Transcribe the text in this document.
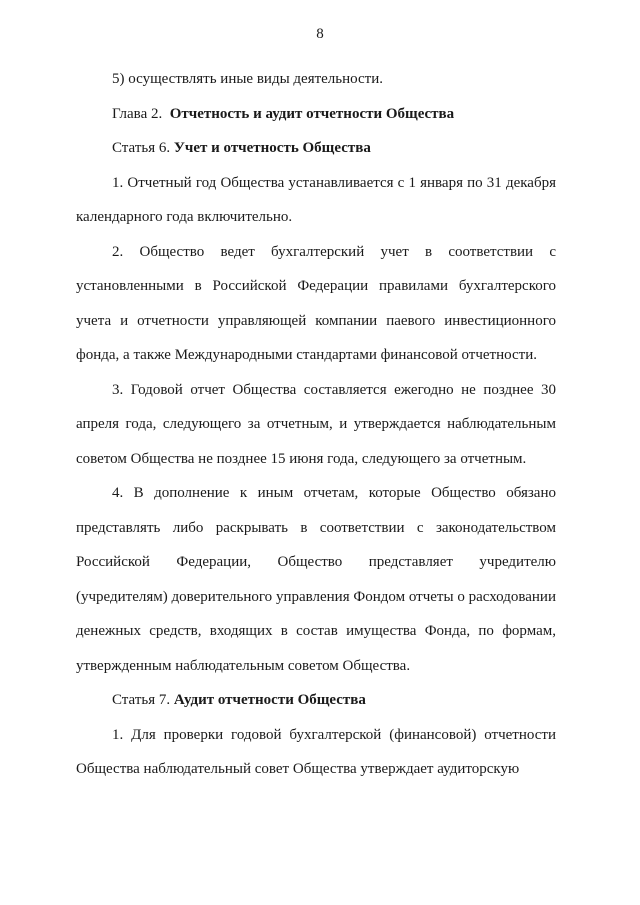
8

5) осуществлять иные виды деятельности.

Глава 2. Отчетность и аудит отчетности Общества

Статья 6. Учет и отчетность Общества

1. Отчетный год Общества устанавливается с 1 января по 31 декабря календарного года включительно.

2. Общество ведет бухгалтерский учет в соответствии с установленными в Российской Федерации правилами бухгалтерского учета и отчетности управляющей компании паевого инвестиционного фонда, а также Международными стандартами финансовой отчетности.

3. Годовой отчет Общества составляется ежегодно не позднее 30 апреля года, следующего за отчетным, и утверждается наблюдательным советом Общества не позднее 15 июня года, следующего за отчетным.

4. В дополнение к иным отчетам, которые Общество обязано представлять либо раскрывать в соответствии с законодательством Российской Федерации, Общество представляет учредителю (учредителям) доверительного управления Фондом отчеты о расходовании денежных средств, входящих в состав имущества Фонда, по формам, утвержденным наблюдательным советом Общества.

Статья 7. Аудит отчетности Общества

1. Для проверки годовой бухгалтерской (финансовой) отчетности Общества наблюдательный совет Общества утверждает аудиторскую
